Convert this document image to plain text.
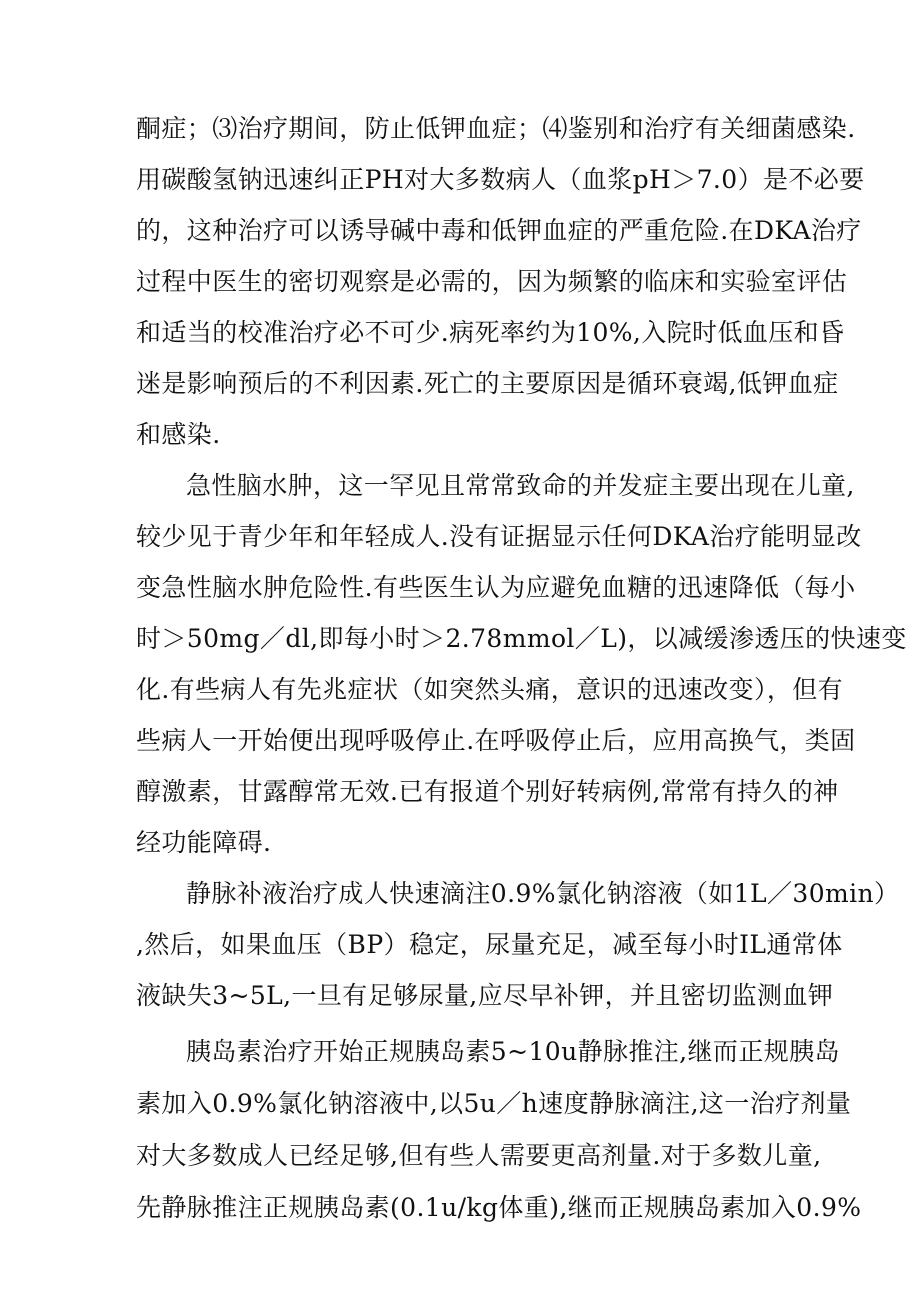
酮症；⑶治疗期间，防止低钾血症；⑷鉴别和治疗有关细菌感染.
用碳酸氢钠迅速纠正PH对大多数病人（血浆pH＞7.0）是不必要
的，这种治疗可以诱导碱中毒和低钾血症的严重危险.在DKA治疗
过程中医生的密切观察是必需的，因为频繁的临床和实验室评估
和适当的校准治疗必不可少.病死率约为10%,入院时低血压和昏
迷是影响预后的不利因素.死亡的主要原因是循环衰竭,低钾血症
和感染.
急性脑水肿，这一罕见且常常致命的并发症主要出现在儿童,
较少见于青少年和年轻成人.没有证据显示任何DKA治疗能明显改
变急性脑水肿危险性.有些医生认为应避免血糖的迅速降低（每小
时＞50mg／dl,即每小时＞2.78mmol／L)，以减缓渗透压的快速变
化.有些病人有先兆症状（如突然头痛，意识的迅速改变），但有
些病人一开始便出现呼吸停止.在呼吸停止后，应用高换气，类固
醇激素，甘露醇常无效.已有报道个别好转病例,常常有持久的神
经功能障碍.
静脉补液治疗成人快速滴注0.9%氯化钠溶液（如1L／30min）
,然后，如果血压（BP）稳定，尿量充足，减至每小时IL通常体
液缺失3~5L,一旦有足够尿量,应尽早补钾，并且密切监测血钾
胰岛素治疗开始正规胰岛素5~10u静脉推注,继而正规胰岛
素加入0.9%氯化钠溶液中,以5u／h速度静脉滴注,这一治疗剂量
对大多数成人已经足够,但有些人需要更高剂量.对于多数儿童,
先静脉推注正规胰岛素(0.1u/kg体重),继而正规胰岛素加入0.9%
